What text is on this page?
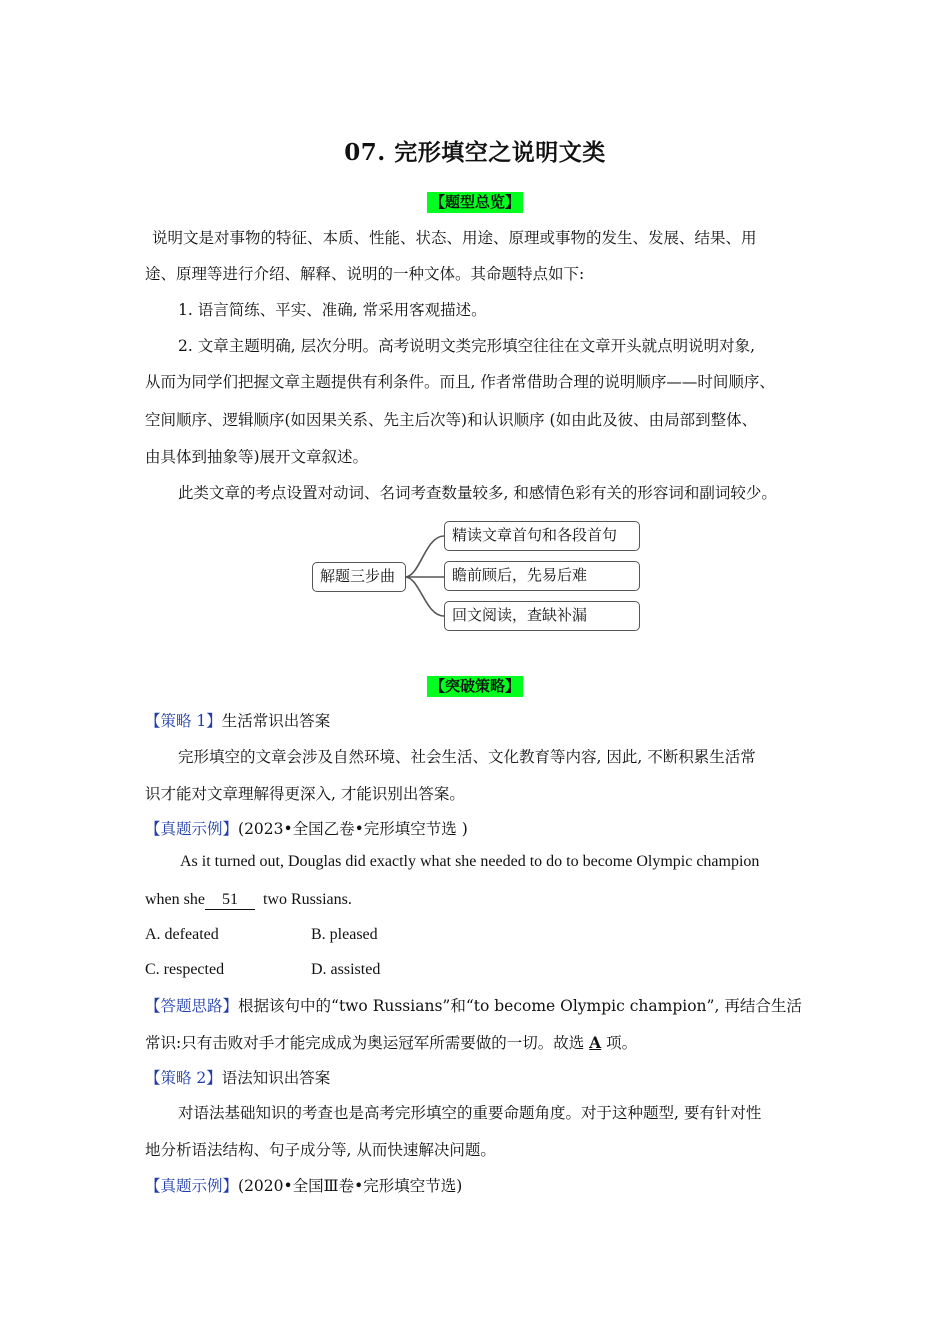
07. 完形填空之说明文类
【题型总览】
说明文是对事物的特征、本质、性能、状态、用途、原理或事物的发生、发展、结果、用
途、原理等进行介绍、解释、说明的一种文体。其命题特点如下:
1. 语言简练、平实、准确, 常采用客观描述。
2. 文章主题明确, 层次分明。高考说明文类完形填空往往在文章开头就点明说明对象,
从而为同学们把握文章主题提供有利条件。而且, 作者常借助合理的说明顺序——时间顺序、
空间顺序、逻辑顺序(如因果关系、先主后次等)和认识顺序 (如由此及彼、由局部到整体、
由具体到抽象等)展开文章叙述。
此类文章的考点设置对动词、名词考查数量较多, 和感情色彩有关的形容词和副词较少。
解题三步曲
精读文章首句和各段首句
瞻前顾后，先易后难
回文阅读，查缺补漏
【突破策略】
【策略 1】生活常识出答案
完形填空的文章会涉及自然环境、社会生活、文化教育等内容, 因此, 不断积累生活常
识才能对文章理解得更深入, 才能识别出答案。
【真题示例】(2023•全国乙卷•完形填空节选 )
As it turned out, Douglas did exactly what she needed to do to become Olympic champion
when she 51 two Russians.
A. defeated	B. pleased
C. respected	D. assisted
【答题思路】根据该句中的“two Russians”和“to become Olympic champion”, 再结合生活
常识:只有击败对手才能完成成为奥运冠军所需要做的一切。故选 A 项。
【策略 2】语法知识出答案
对语法基础知识的考查也是高考完形填空的重要命题角度。对于这种题型, 要有针对性
地分析语法结构、句子成分等, 从而快速解决问题。
【真题示例】(2020•全国Ⅲ卷•完形填空节选)
